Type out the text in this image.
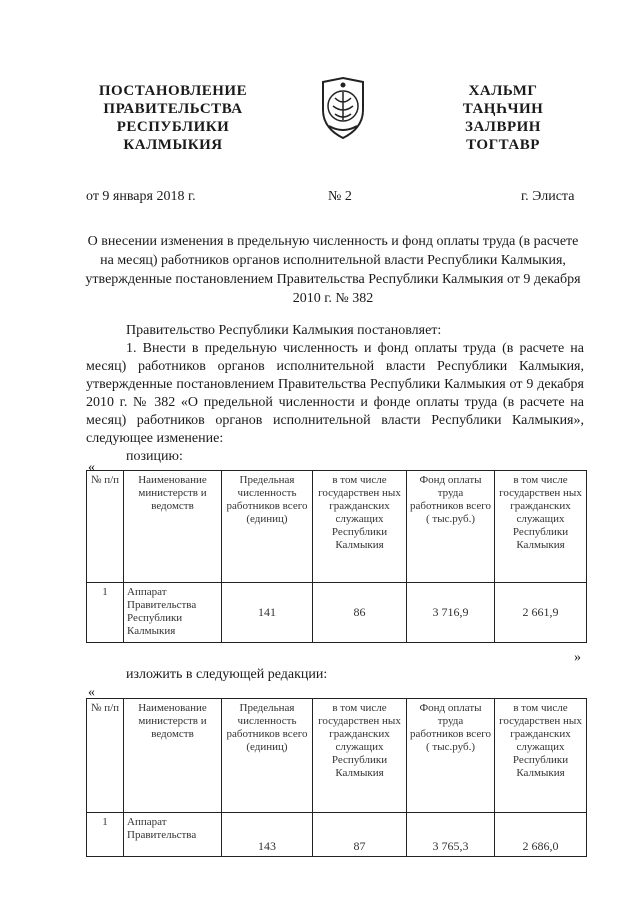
ПОСТАНОВЛЕНИЕ
ПРАВИТЕЛЬСТВА
РЕСПУБЛИКИ
КАЛМЫКИЯ
ХАЛЬМГ
ТАҢҺЧИН
ЗАЛВРИН
ТОГТАВР
от 9 января 2018 г.	№ 2	г. Элиста
О внесении изменения в предельную численность и фонд оплаты труда (в расчете на месяц) работников органов исполнительной власти Республики Калмыкия, утвержденные постановлением Правительства Республики Калмыкия от 9 декабря 2010 г. № 382

Правительство Республики Калмыкия постановляет:

1. Внести в предельную численность и фонд оплаты труда (в расчете на месяц) работников органов исполнительной власти Республики Калмыкия, утвержденные постановлением Правительства Республики Калмыкия от 9 декабря 2010 г. № 382 «О предельной численности и фонде оплаты труда (в расчете на месяц) работников органов исполнительной власти Республики Калмыкия», следующее изменение:

позицию:

«
№ п/п	Наименование министерств и ведомств	Предельная численность работников всего (единиц)	в том числе государствен ных гражданских служащих Республики Калмыкия	Фонд оплаты труда работников всего ( тыс.руб.)	в том числе государствен ных гражданских служащих Республики Калмыкия
1	Аппарат Правительства Республики Калмыкия	141	86	3 716,9	2 661,9
»
изложить в следующей редакции:
«
№ п/п	Наименование министерств и ведомств	Предельная численность работников всего (единиц)	в том числе государствен ных гражданских служащих Республики Калмыкия	Фонд оплаты труда работников всего ( тыс.руб.)	в том числе государствен ных гражданских служащих Республики Калмыкия
1	Аппарат Правительства	143	87	3 765,3	2 686,0
